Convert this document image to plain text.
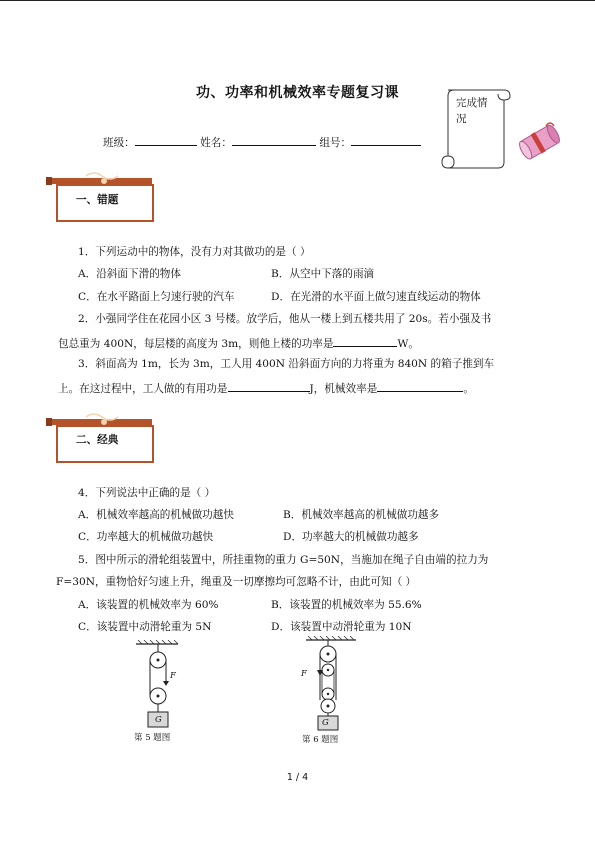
功、功率和机械效率专题复习课
班级：	姓名：	组号：
完成情况
一、错题
1．下列运动中的物体，没有力对其做功的是（ ）
A．沿斜面下滑的物体	B．从空中下落的雨滴
C．在水平路面上匀速行驶的汽车	D．在光滑的水平面上做匀速直线运动的物体
2．小强同学住在花园小区 3 号楼。放学后，他从一楼上到五楼共用了 20s。若小强及书
包总重为 400N，每层楼的高度为 3m，则他上楼的功率是	W。
3．斜面高为 1m，长为 3m，工人用 400N 沿斜面方向的力将重为 840N 的箱子推到车
上。在这过程中，工人做的有用功是	J，机械效率是	。
二、经典
4．下列说法中正确的是（ ）
A．机械效率越高的机械做功越快	B．机械效率越高的机械做功越多
C．功率越大的机械做功越快	D．功率越大的机械做功越多
5．图中所示的滑轮组装置中，所挂重物的重力 G=50N，当施加在绳子自由端的拉力为
F=30N，重物恰好匀速上升，绳重及一切摩擦均可忽略不计，由此可知（ ）
A．该装置的机械效率为 60%	B．该装置的机械效率为 55.6%
C．该装置中动滑轮重为 5N	D．该装置中动滑轮重为 10N
F
G
第 5 题图
F
G
第 6 题图
1 / 4
